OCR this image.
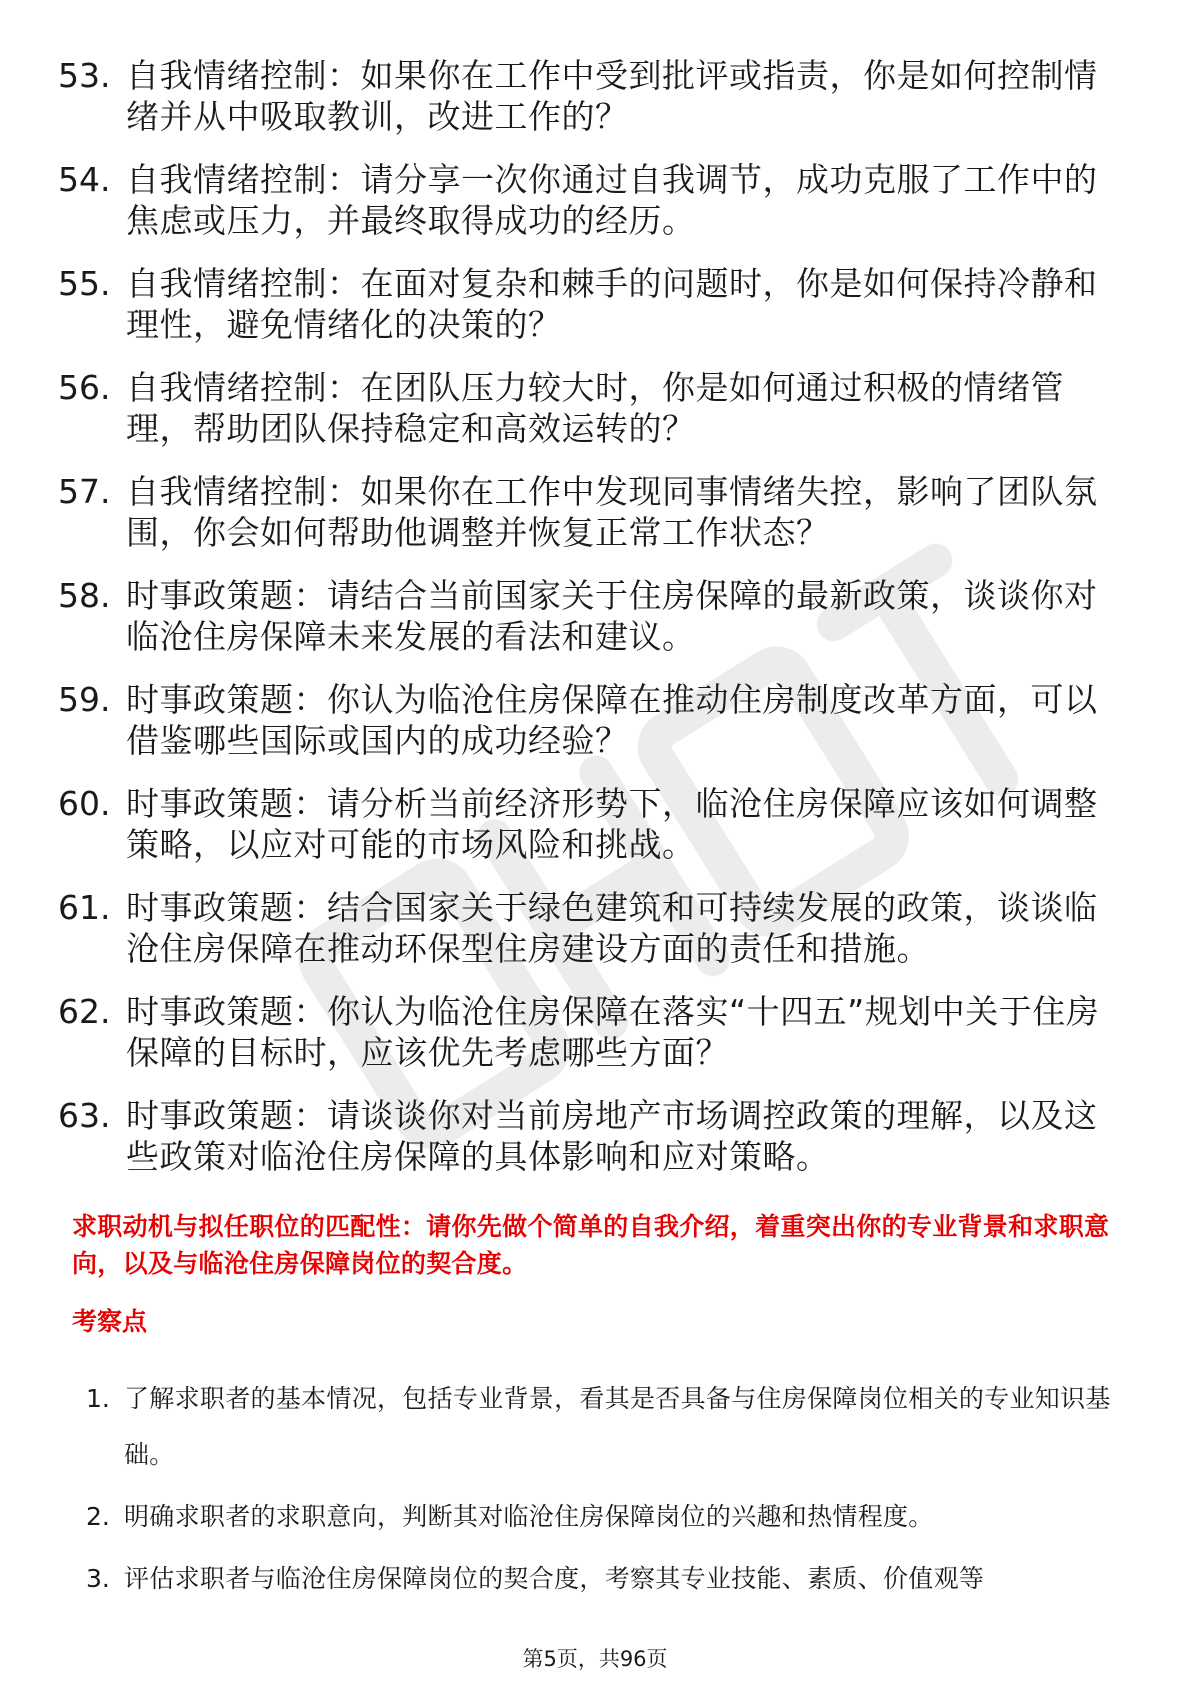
53. 自我情绪控制：如果你在工作中受到批评或指责，你是如何控制情绪并从中吸取教训，改进工作的？
54. 自我情绪控制：请分享一次你通过自我调节，成功克服了工作中的焦虑或压力，并最终取得成功的经历。
55. 自我情绪控制：在面对复杂和棘手的问题时，你是如何保持冷静和理性，避免情绪化的决策的？
56. 自我情绪控制：在团队压力较大时，你是如何通过积极的情绪管理，帮助团队保持稳定和高效运转的？
57. 自我情绪控制：如果你在工作中发现同事情绪失控，影响了团队氛围，你会如何帮助他调整并恢复正常工作状态？
58. 时事政策题：请结合当前国家关于住房保障的最新政策，谈谈你对临沧住房保障未来发展的看法和建议。
59. 时事政策题：你认为临沧住房保障在推动住房制度改革方面，可以借鉴哪些国际或国内的成功经验？
60. 时事政策题：请分析当前经济形势下，临沧住房保障应该如何调整策略，以应对可能的市场风险和挑战。
61. 时事政策题：结合国家关于绿色建筑和可持续发展的政策，谈谈临沧住房保障在推动环保型住房建设方面的责任和措施。
62. 时事政策题：你认为临沧住房保障在落实“十四五”规划中关于住房保障的目标时，应该优先考虑哪些方面？
63. 时事政策题：请谈谈你对当前房地产市场调控政策的理解，以及这些政策对临沧住房保障的具体影响和应对策略。
求职动机与拟任职位的匹配性：请你先做个简单的自我介绍，着重突出你的专业背景和求职意向，以及与临沧住房保障岗位的契合度。
考察点
1. 了解求职者的基本情况，包括专业背景，看其是否具备与住房保障岗位相关的专业知识基础。
2. 明确求职者的求职意向，判断其对临沧住房保障岗位的兴趣和热情程度。
3. 评估求职者与临沧住房保障岗位的契合度，考察其专业技能、素质、价值观等
第5页，共96页
